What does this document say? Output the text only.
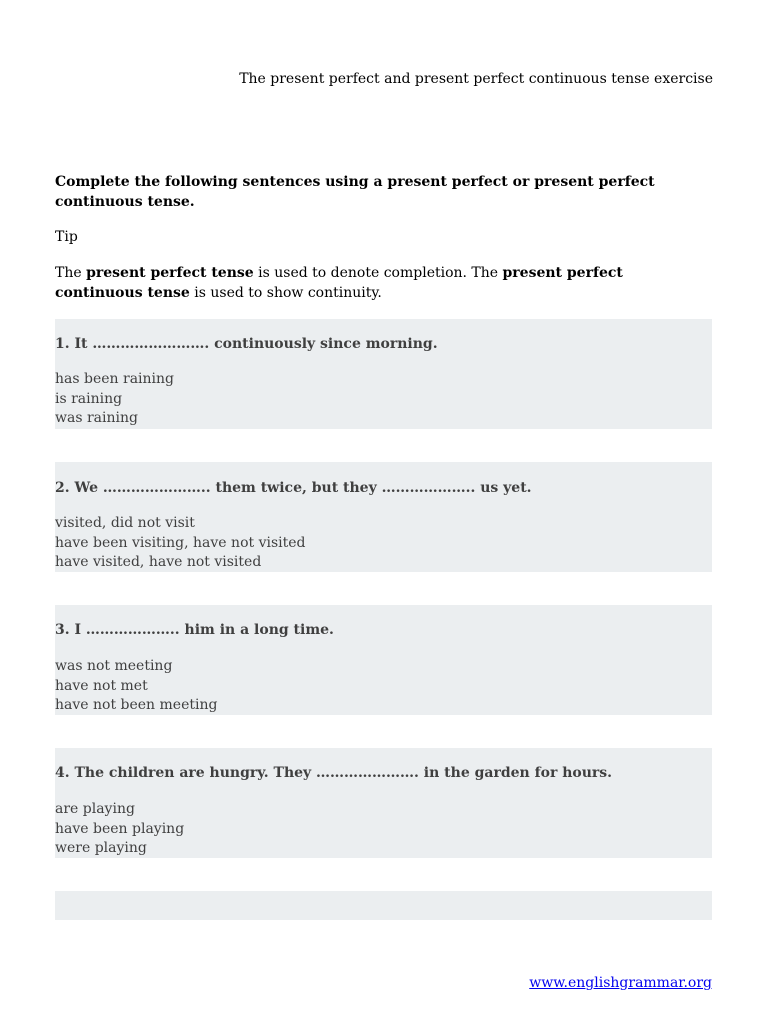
The present perfect and present perfect continuous tense exercise
Complete the following sentences using a present perfect or present perfect continuous tense.
Tip
The present perfect tense is used to denote completion. The present perfect continuous tense is used to show continuity.
1. It ……………………. continuously since morning.
has been raining
is raining
was raining
2. We ………………….. them twice, but they ……………….. us yet.
visited, did not visit
have been visiting, have not visited
have visited, have not visited
3. I ……………….. him in a long time.
was not meeting
have not met
have not been meeting
4. The children are hungry. They …………………. in the garden for hours.
are playing
have been playing
were playing
www.englishgrammar.org
